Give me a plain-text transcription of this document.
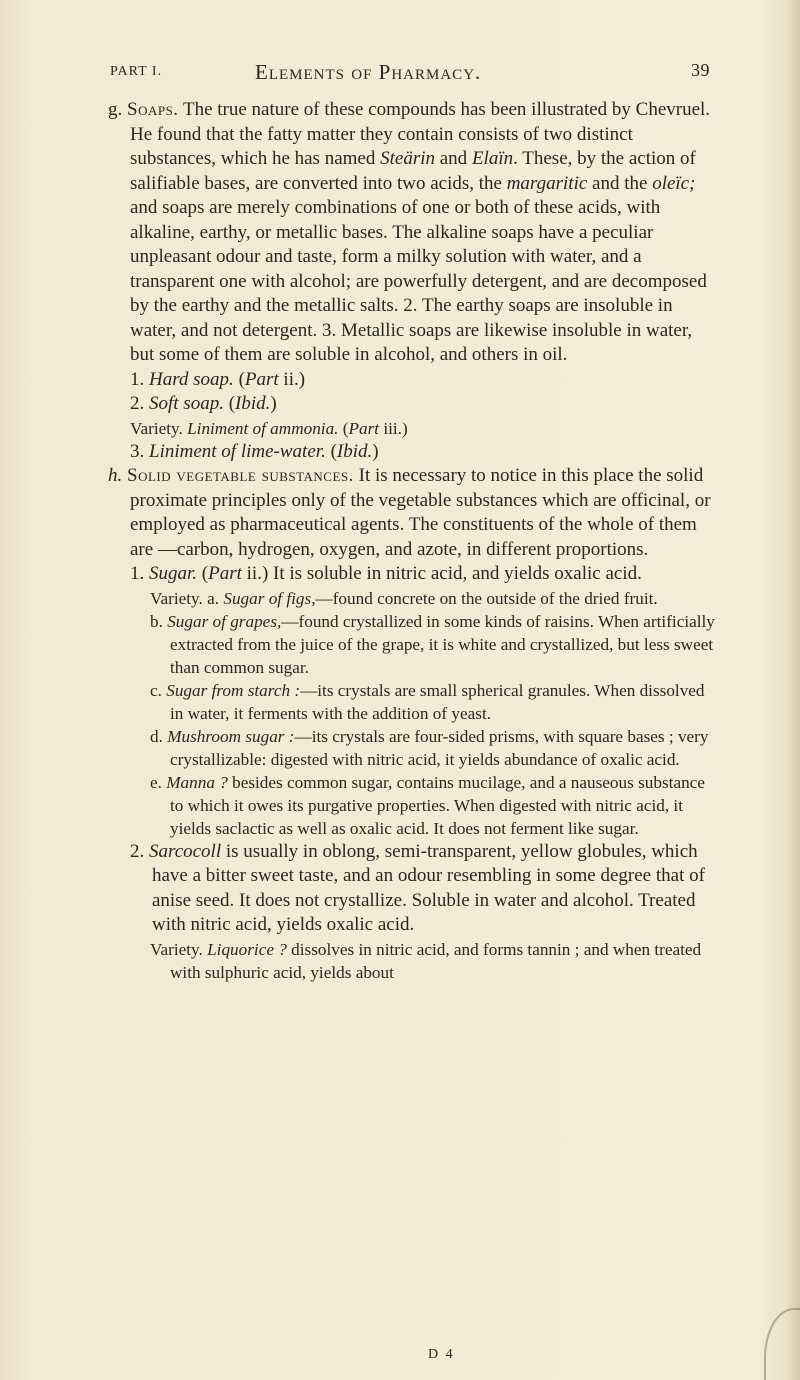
PART I.	Elements of Pharmacy.	39

g. Soaps. The true nature of these compounds has been illustrated by Chevruel. He found that the fatty matter they contain consists of two distinct substances, which he has named Steärin and Elaïn. These, by the action of salifiable bases, are converted into two acids, the margaritic and the oleïc; and soaps are merely combinations of one or both of these acids, with alkaline, earthy, or metallic bases. The alkaline soaps have a peculiar unpleasant odour and taste, form a milky solution with water, and a transparent one with alcohol; are powerfully detergent, and are decomposed by the earthy and the metallic salts. 2. The earthy soaps are insoluble in water, and not detergent. 3. Metallic soaps are likewise insoluble in water, but some of them are soluble in alcohol, and others in oil.

1. Hard soap. (Part ii.)

2. Soft soap. (Ibid.)

Variety. Liniment of ammonia. (Part iii.)

3. Liniment of lime-water. (Ibid.)

h. Solid vegetable substances. It is necessary to notice in this place the solid proximate principles only of the vegetable substances which are officinal, or employed as pharmaceutical agents. The constituents of the whole of them are —carbon, hydrogen, oxygen, and azote, in different proportions.

1. Sugar. (Part ii.) It is soluble in nitric acid, and yields oxalic acid.

Variety. a. Sugar of figs,—found concrete on the outside of the dried fruit.

b. Sugar of grapes,—found crystallized in some kinds of raisins. When artificially extracted from the juice of the grape, it is white and crystallized, but less sweet than common sugar.

c. Sugar from starch :—its crystals are small spherical granules. When dissolved in water, it ferments with the addition of yeast.

d. Mushroom sugar :—its crystals are four-sided prisms, with square bases ; very crystallizable: digested with nitric acid, it yields abundance of oxalic acid.

e. Manna ? besides common sugar, contains mucilage, and a nauseous substance to which it owes its purgative properties. When digested with nitric acid, it yields saclactic as well as oxalic acid. It does not ferment like sugar.

2. Sarcocoll is usually in oblong, semi-transparent, yellow globules, which have a bitter sweet taste, and an odour resembling in some degree that of anise seed. It does not crystallize. Soluble in water and alcohol. Treated with nitric acid, yields oxalic acid.

Variety. Liquorice ? dissolves in nitric acid, and forms tannin ; and when treated with sulphuric acid, yields about

D 4
